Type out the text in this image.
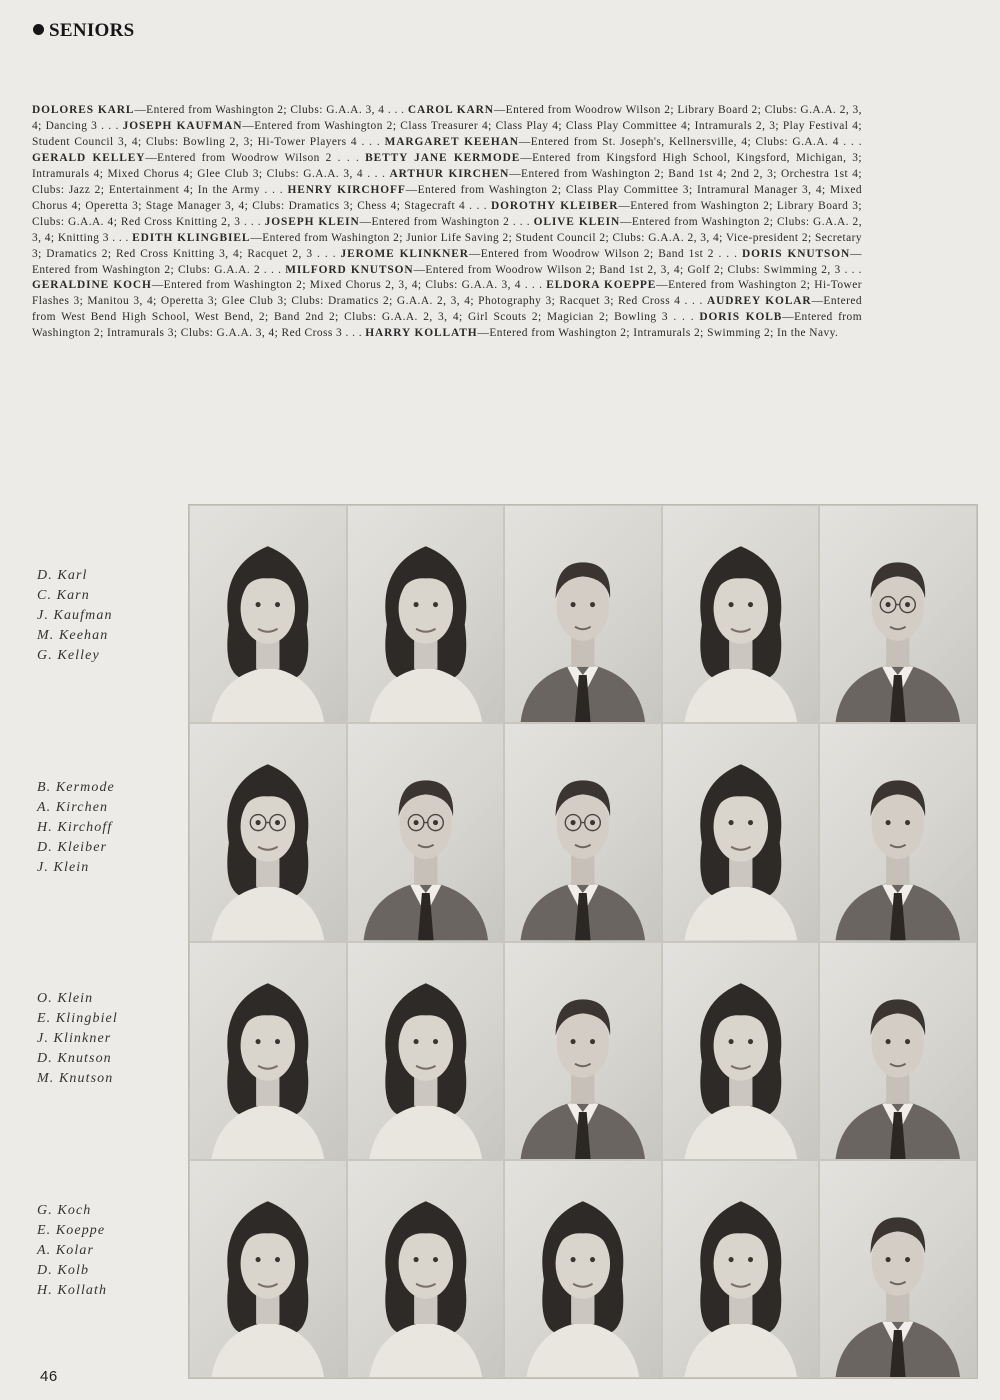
SENIORS
DOLORES KARL—Entered from Washington 2; Clubs: G.A.A. 3, 4 . . . CAROL KARN—Entered from Woodrow Wilson 2; Library Board 2; Clubs: G.A.A. 2, 3, 4; Dancing 3 . . . JOSEPH KAUFMAN—Entered from Washington 2; Class Treasurer 4; Class Play 4; Class Play Committee 4; Intramurals 2, 3; Play Festival 4; Student Council 3, 4; Clubs: Bowling 2, 3; Hi-Tower Players 4 . . . MARGARET KEEHAN—Entered from St. Joseph's, Kellnersville, 4; Clubs: G.A.A. 4 . . . GERALD KELLEY—Entered from Woodrow Wilson 2 . . . BETTY JANE KERMODE—Entered from Kingsford High School, Kingsford, Michigan, 3; Intramurals 4; Mixed Chorus 4; Glee Club 3; Clubs: G.A.A. 3, 4 . . . ARTHUR KIRCHEN—Entered from Washington 2; Band 1st 4; 2nd 2, 3; Orchestra 1st 4; Clubs: Jazz 2; Entertainment 4; In the Army . . . HENRY KIRCHOFF—Entered from Washington 2; Class Play Committee 3; Intramural Manager 3, 4; Mixed Chorus 4; Operetta 3; Stage Manager 3, 4; Clubs: Dramatics 3; Chess 4; Stagecraft 4 . . . DOROTHY KLEIBER—Entered from Washington 2; Library Board 3; Clubs: G.A.A. 4; Red Cross Knitting 2, 3 . . . JOSEPH KLEIN—Entered from Washington 2 . . . OLIVE KLEIN—Entered from Washington 2; Clubs: G.A.A. 2, 3, 4; Knitting 3 . . . EDITH KLINGBIEL—Entered from Washington 2; Junior Life Saving 2; Student Council 2; Clubs: G.A.A. 2, 3, 4; Vice-president 2; Secretary 3; Dramatics 2; Red Cross Knitting 3, 4; Racquet 2, 3 . . . JEROME KLINKNER—Entered from Woodrow Wilson 2; Band 1st 2 . . . DORIS KNUTSON—Entered from Washington 2; Clubs: G.A.A. 2 . . . MILFORD KNUTSON—Entered from Woodrow Wilson 2; Band 1st 2, 3, 4; Golf 2; Clubs: Swimming 2, 3 . . . GERALDINE KOCH—Entered from Washington 2; Mixed Chorus 2, 3, 4; Clubs: G.A.A. 3, 4 . . . ELDORA KOEPPE—Entered from Washington 2; Hi-Tower Flashes 3; Manitou 3, 4; Operetta 3; Glee Club 3; Clubs: Dramatics 2; G.A.A. 2, 3, 4; Photography 3; Racquet 3; Red Cross 4 . . . AUDREY KOLAR—Entered from West Bend High School, West Bend, 2; Band 2nd 2; Clubs: G.A.A. 2, 3, 4; Girl Scouts 2; Magician 2; Bowling 3 . . . DORIS KOLB—Entered from Washington 2; Intramurals 3; Clubs: G.A.A. 3, 4; Red Cross 3 . . . HARRY KOLLATH—Entered from Washington 2; Intramurals 2; Swimming 2; In the Navy.
D. Karl
C. Karn
J. Kaufman
M. Keehan
G. Kelley
B. Kermode
A. Kirchen
H. Kirchoff
D. Kleiber
J. Klein
O. Klein
E. Klingbiel
J. Klinkner
D. Knutson
M. Knutson
G. Koch
E. Koeppe
A. Kolar
D. Kolb
H. Kollath
46
